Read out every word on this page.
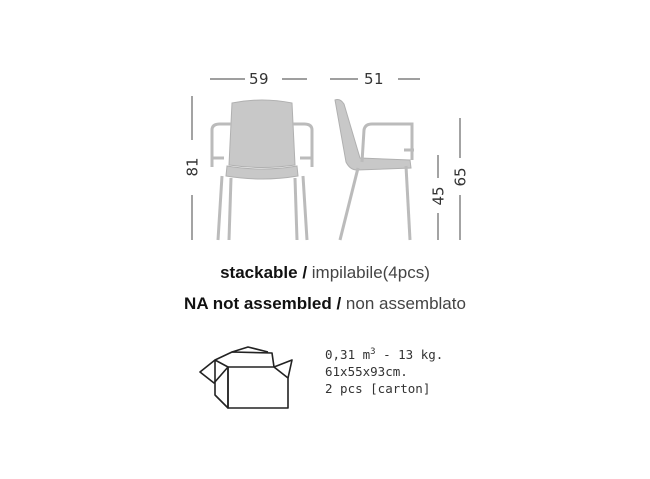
59	51
81
45
65
stackable / impilabile(4pcs)
NA not assembled / non assemblato
0,31 $m^3 - 13$ kg.
61x55x93cm.
2 pcs [carton]
